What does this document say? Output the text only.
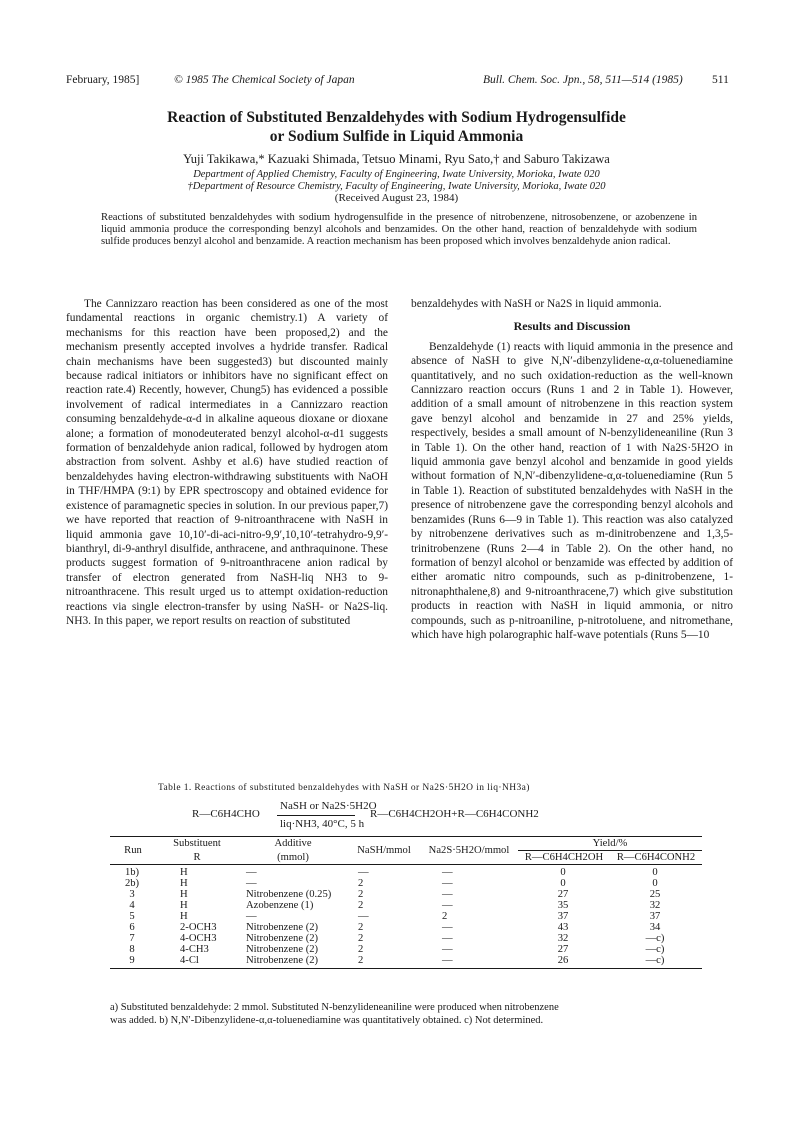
February, 1985]	© 1985 The Chemical Society of Japan	Bull. Chem. Soc. Jpn., 58, 511—514 (1985)	511
Reaction of Substituted Benzaldehydes with Sodium Hydrogensulfide
or Sodium Sulfide in Liquid Ammonia
Yuji Takikawa,* Kazuaki Shimada, Tetsuo Minami, Ryu Sato,† and Saburo Takizawa
Department of Applied Chemistry, Faculty of Engineering, Iwate University, Morioka, Iwate 020
†Department of Resource Chemistry, Faculty of Engineering, Iwate University, Morioka, Iwate 020
(Received August 23, 1984)
Reactions of substituted benzaldehydes with sodium hydrogensulfide in the presence of nitrobenzene, nitrosobenzene, or azobenzene in liquid ammonia produce the corresponding benzyl alcohols and benzamides. On the other hand, reaction of benzaldehyde with sodium sulfide produces benzyl alcohol and benzamide. A reaction mechanism has been proposed which involves benzaldehyde anion radical.

The Cannizzaro reaction has been considered as one of the most fundamental reactions in organic chemistry.1) A variety of mechanisms for this reaction have been proposed,2) and the mechanism presently accepted involves a hydride transfer. Radical chain mechanisms have been suggested3) but discounted mainly because radical initiators or inhibitors have no significant effect on reaction rate.4) Recently, however, Chung5) has evidenced a possible involvement of radical intermediates in a Cannizzaro reaction consuming benzaldehyde-α-d in alkaline aqueous dioxane or dioxane alone; a formation of monodeuterated benzyl alcohol-α-d1 suggests formation of benzaldehyde anion radical, followed by hydrogen atom abstraction from solvent. Ashby et al.6) have studied reaction of benzaldehydes having electron-withdrawing substituents with NaOH in THF/HMPA (9:1) by EPR spectroscopy and obtained evidence for existence of paramagnetic species in solution. In our previous paper,7) we have reported that reaction of 9-nitroanthracene with NaSH in liquid ammonia gave 10,10′-di-aci-nitro-9,9′,10,10′-tetrahydro-9,9′-bianthryl, di-9-anthryl disulfide, anthracene, and anthraquinone. These products suggest formation of 9-nitroanthracene anion radical by transfer of electron generated from NaSH-liq NH3 to 9-nitroanthracene. This result urged us to attempt oxidation-reduction reactions via single electron-transfer by using NaSH- or Na2S-liq. NH3. In this paper, we report results on reaction of substituted

benzaldehydes with NaSH or Na2S in liquid ammonia.

Results and Discussion

Benzaldehyde (1) reacts with liquid ammonia in the presence and absence of NaSH to give N,N′-dibenzylidene-α,α-toluenediamine quantitatively, and no such oxidation-reduction as the well-known Cannizzaro reaction occurs (Runs 1 and 2 in Table 1). However, addition of a small amount of nitrobenzene in this reaction system gave benzyl alcohol and benzamide in 27 and 25% yields, respectively, besides a small amount of N-benzylideneaniline (Run 3 in Table 1). On the other hand, reaction of 1 with Na2S·5H2O in liquid ammonia gave benzyl alcohol and benzamide in good yields without formation of N,N′-dibenzylidene-α,α-toluenediamine (Run 5 in Table 1). Reaction of substituted benzaldehydes with NaSH in the presence of nitrobenzene gave the corresponding benzyl alcohols and benzamides (Runs 6—9 in Table 1). This reaction was also catalyzed by nitrobenzene derivatives such as m-dinitrobenzene and 1,3,5-trinitrobenzene (Runs 2—4 in Table 2). On the other hand, no formation of benzyl alcohol or benzamide was effected by addition of either aromatic nitro compounds, such as p-dinitrobenzene, 1-nitronaphthalene,8) and 9-nitroanthracene,7) which give substitution products in reaction with NaSH in liquid ammonia, or nitro compounds, such as p-nitroaniline, p-nitrotoluene, and nitromethane, which have high polarographic half-wave potentials (Runs 5—10

Table 1. Reactions of substituted benzaldehydes with NaSH or Na2S·5H2O in liq·NH3a)
R—C6H4CHO
NaSH or Na2S·5H2O
liq·NH3, 40°C, 5 h
R—C6H4CH2OH+R—C6H4CONH2
Run	Substituent	Additive	NaSH/mmol	Na2S·5H2O/mmol	Yield/%	
	R	(mmol)			R—C6H4CH2OH	R—C6H4CONH2
1b)	H	—	—	—	0	0
2b)	H	—	2	—	0	0
3	H	Nitrobenzene (0.25)	2	—	27	25
4	H	Azobenzene (1)	2	—	35	32
5	H	—	—	2	37	37
6	2-OCH3	Nitrobenzene (2)	2	—	43	34
7	4-OCH3	Nitrobenzene (2)	2	—	32	—c)
8	4-CH3	Nitrobenzene (2)	2	—	27	—c)
9	4-Cl	Nitrobenzene (2)	2	—	26	—c)
a) Substituted benzaldehyde: 2 mmol. Substituted N-benzylideneaniline were produced when nitrobenzene
was added. b) N,N′-Dibenzylidene-α,α-toluenediamine was quantitatively obtained. c) Not determined.
